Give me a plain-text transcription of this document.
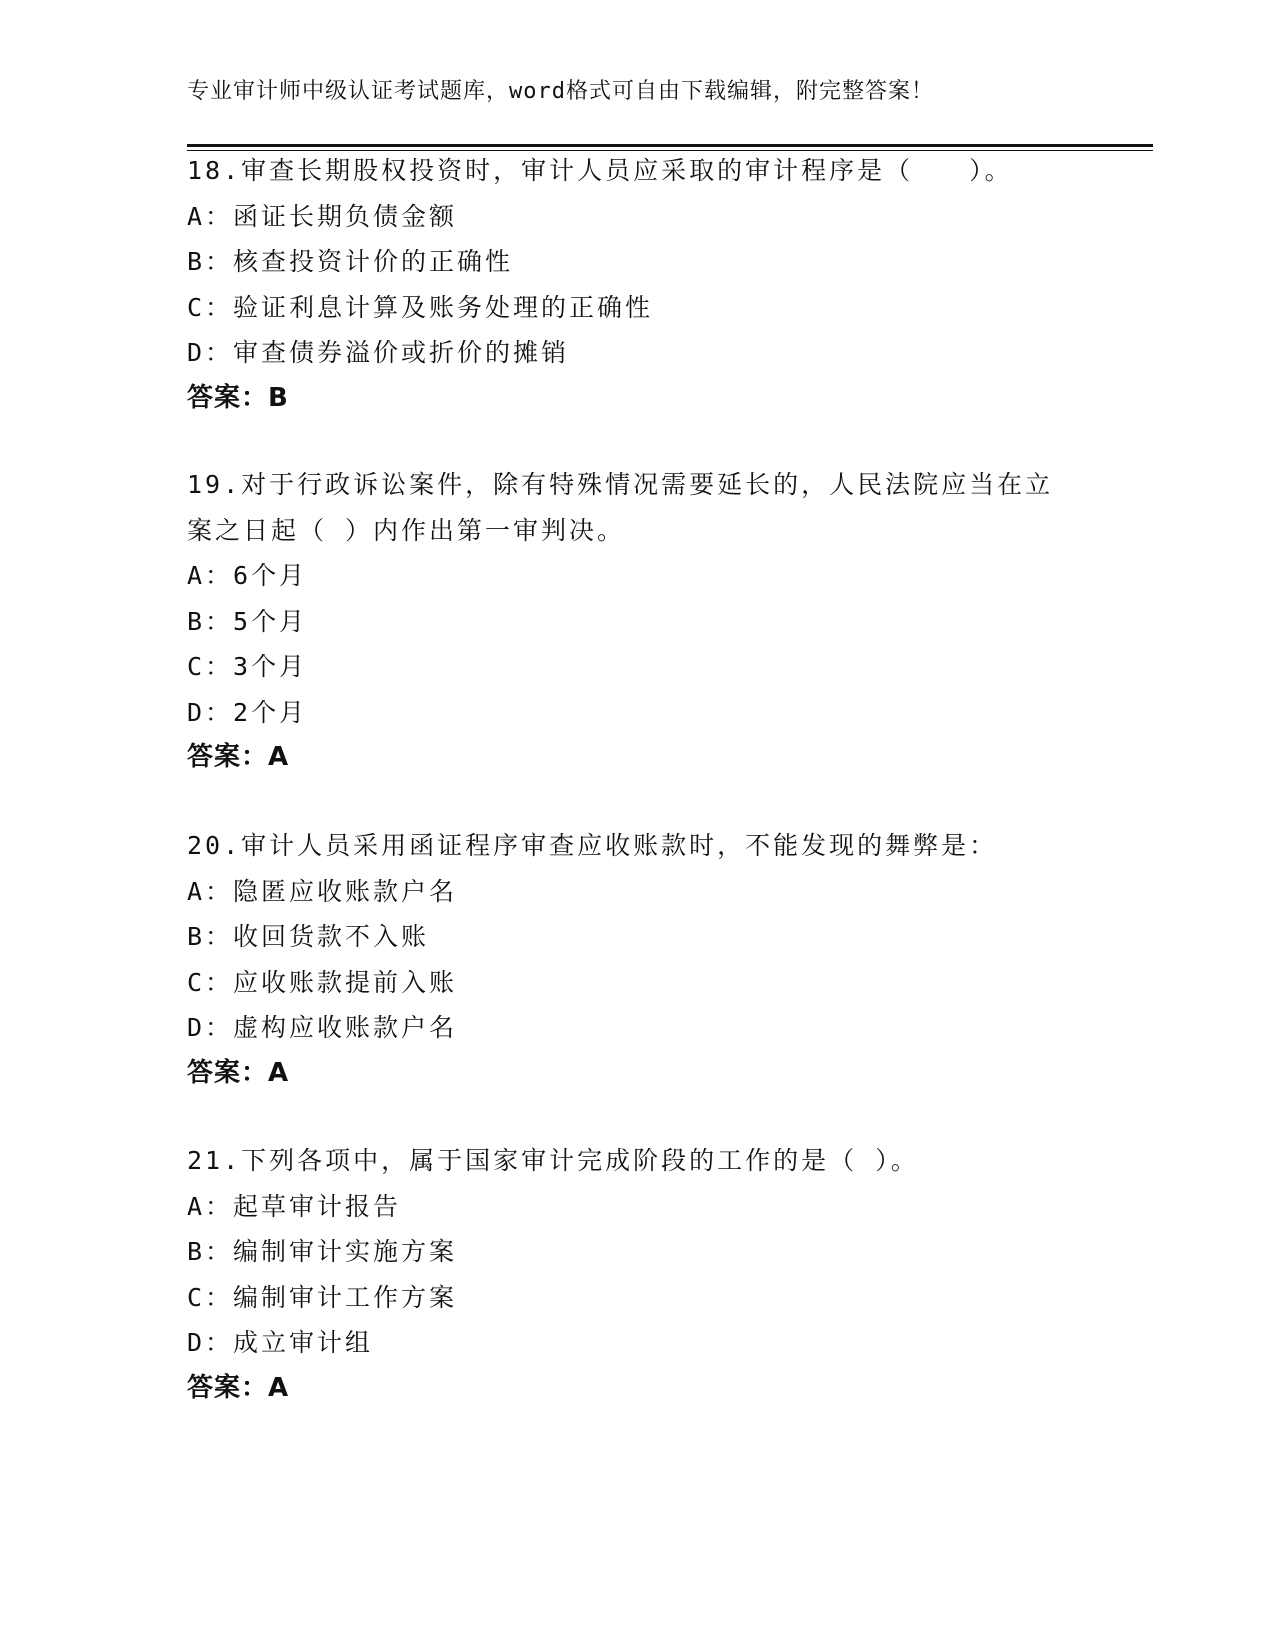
专业审计师中级认证考试题库，word格式可自由下载编辑，附完整答案！
18.审查长期股权投资时，审计人员应采取的审计程序是（　　）。
A：函证长期负债金额
B：核查投资计价的正确性
C：验证利息计算及账务处理的正确性
D：审查债券溢价或折价的摊销
答案：B
19.对于行政诉讼案件，除有特殊情况需要延长的，人民法院应当在立案之日起（ ）内作出第一审判决。
A：6个月
B：5个月
C：3个月
D：2个月
答案：A
20.审计人员采用函证程序审查应收账款时，不能发现的舞弊是：
A：隐匿应收账款户名
B：收回货款不入账
C：应收账款提前入账
D：虚构应收账款户名
答案：A
21.下列各项中，属于国家审计完成阶段的工作的是（ ）。
A：起草审计报告
B：编制审计实施方案
C：编制审计工作方案
D：成立审计组
答案：A
